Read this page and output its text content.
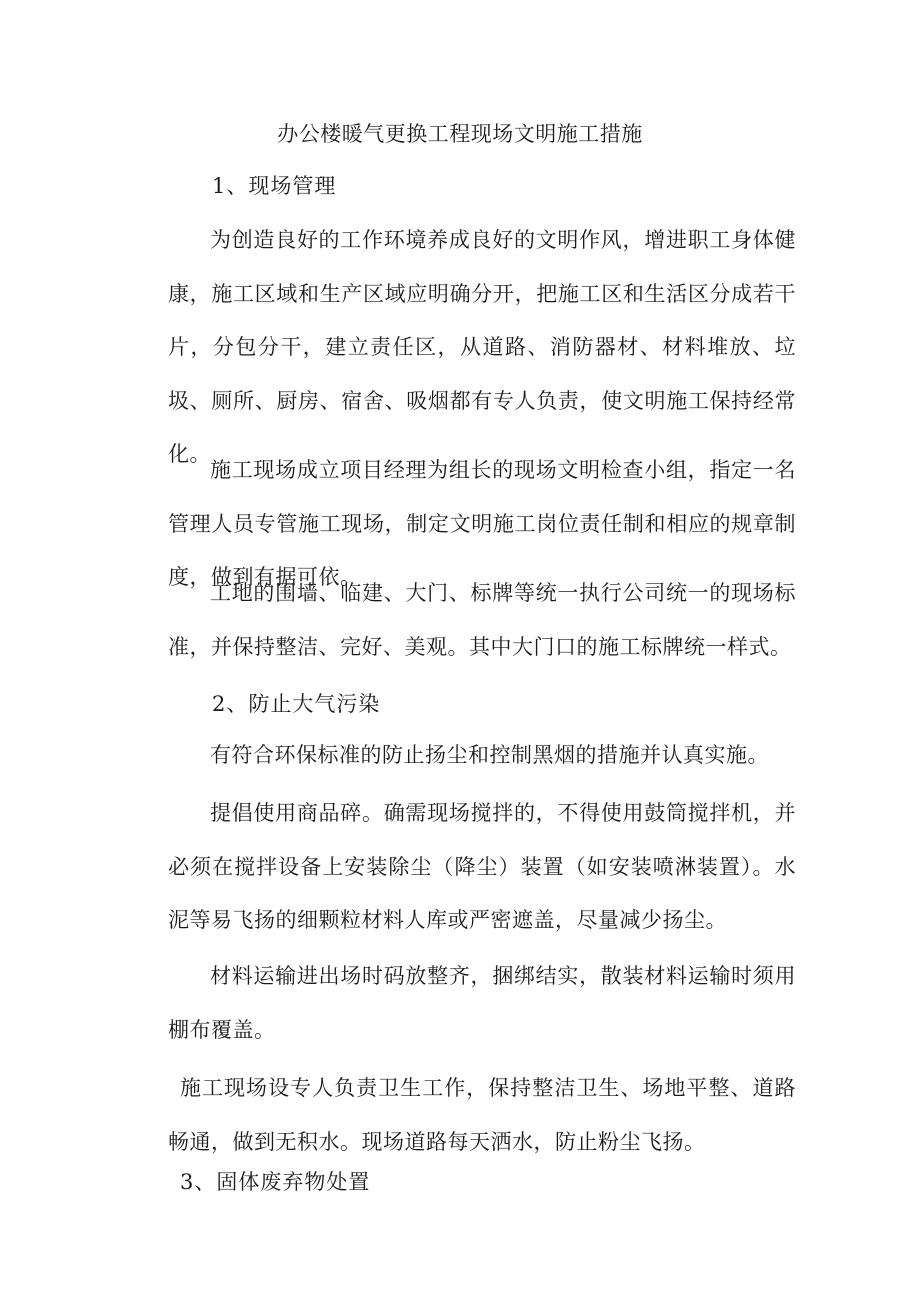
办公楼暖气更换工程现场文明施工措施
1、现场管理
为创造良好的工作环境养成良好的文明作风，增进职工身体健康，施工区域和生产区域应明确分开，把施工区和生活区分成若干片，分包分干，建立责任区，从道路、消防器材、材料堆放、垃圾、厕所、厨房、宿舍、吸烟都有专人负责，使文明施工保持经常化。
施工现场成立项目经理为组长的现场文明检查小组，指定一名管理人员专管施工现场，制定文明施工岗位责任制和相应的规章制度，做到有据可依。
工地的围墙、临建、大门、标牌等统一执行公司统一的现场标准，并保持整洁、完好、美观。其中大门口的施工标牌统一样式。
2、防止大气污染
有符合环保标准的防止扬尘和控制黑烟的措施并认真实施。
提倡使用商品碎。确需现场搅拌的，不得使用鼓筒搅拌机，并必须在搅拌设备上安装除尘（降尘）装置（如安装喷淋装置）。水泥等易飞扬的细颗粒材料人库或严密遮盖，尽量减少扬尘。
材料运输进出场时码放整齐，捆绑结实，散装材料运输时须用棚布覆盖。
施工现场设专人负责卫生工作，保持整洁卫生、场地平整、道路畅通，做到无积水。现场道路每天洒水，防止粉尘飞扬。
3、固体废弃物处置
